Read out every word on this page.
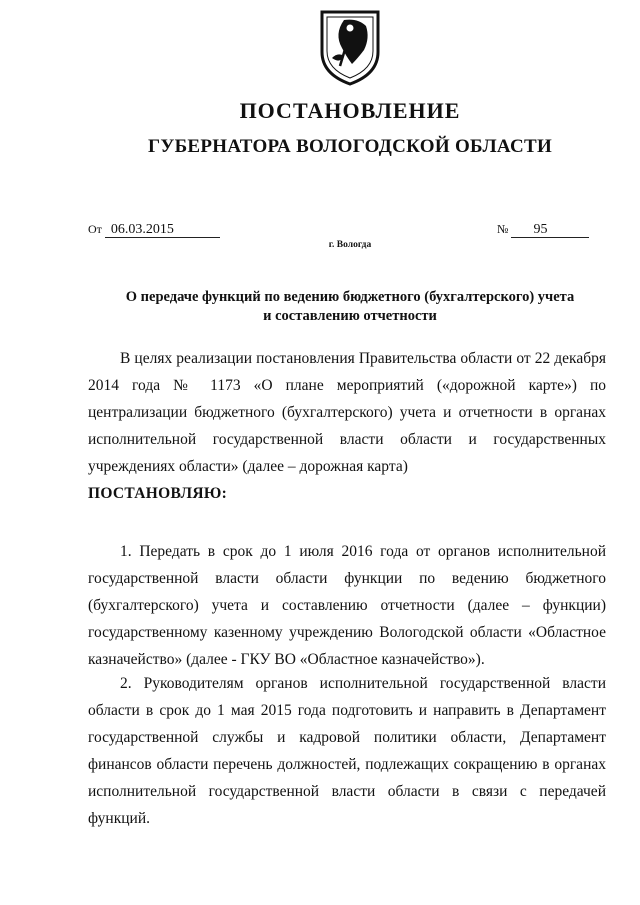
ПОСТАНОВЛЕНИЕ
ГУБЕРНАТОРА ВОЛОГОДСКОЙ ОБЛАСТИ
От 06.03.2015	№ 95
г. Вологда
О передаче функций по ведению бюджетного (бухгалтерского) учета
и составлению отчетности
В целях реализации постановления Правительства области от 22 декабря 2014 года № 1173 «О плане мероприятий («дорожной карте») по централизации бюджетного (бухгалтерского) учета и отчетности в органах исполнительной государственной власти области и государственных учреждениях области» (далее – дорожная карта)
ПОСТАНОВЛЯЮ:
1. Передать в срок до 1 июля 2016 года от органов исполнительной государственной власти области функции по ведению бюджетного (бухгалтерского) учета и составлению отчетности (далее – функции) государственному казенному учреждению Вологодской области «Областное казначейство» (далее - ГКУ ВО «Областное казначейство»).
2. Руководителям органов исполнительной государственной власти области в срок до 1 мая 2015 года подготовить и направить в Департамент государственной службы и кадровой политики области, Департамент финансов области перечень должностей, подлежащих сокращению в органах исполнительной государственной власти области в связи с передачей функций.
